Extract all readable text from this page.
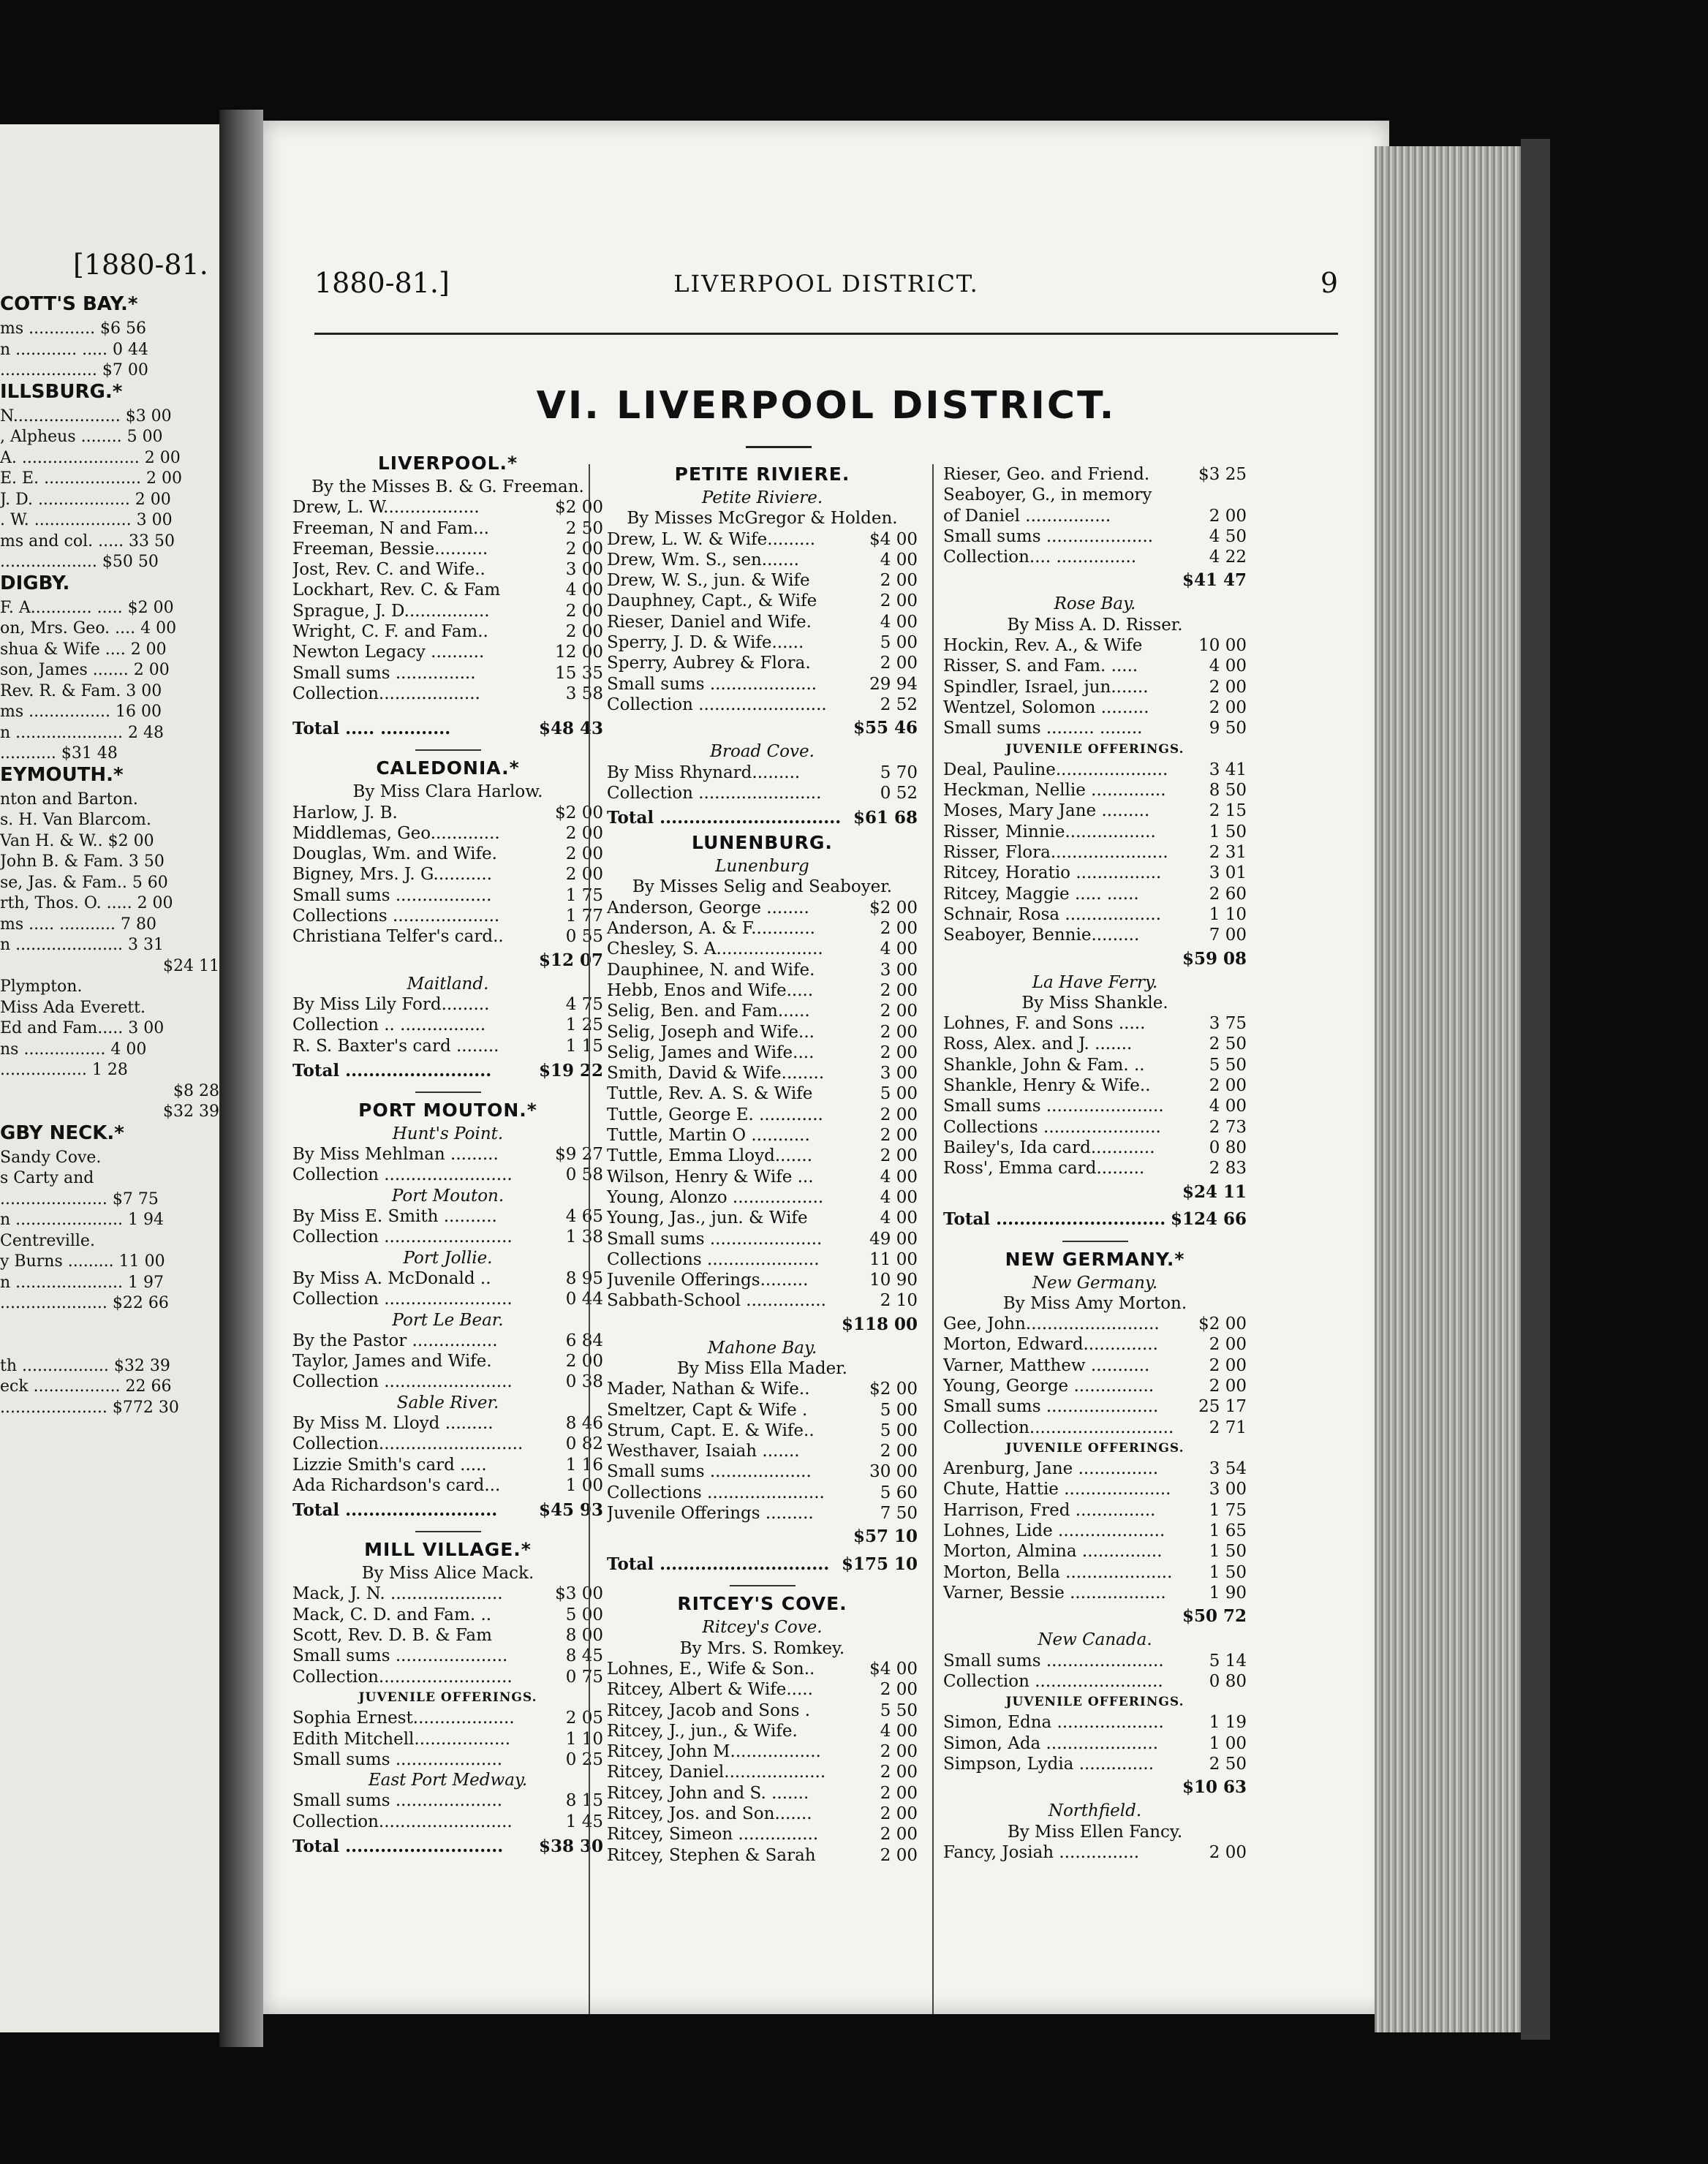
[1880-81.
COTT'S BAY.*
ms ............. $6 56
n ............ ..... 0 44
................... $7 00
ILLSBURG.*
N..................... $3 00
, Alpheus ........ 5 00
A. ....................... 2 00
E. E. ................... 2 00
J. D. .................. 2 00
. W. ................... 3 00
ms and col. ..... 33 50
................... $50 50
DIGBY.
F. A............ ..... $2 00
on, Mrs. Geo. .... 4 00
shua & Wife .... 2 00
son, James ....... 2 00
Rev. R. & Fam. 3 00
ms ................ 16 00
n ..................... 2 48
........... $31 48
EYMOUTH.*
nton and Barton.
s. H. Van Blarcom.
Van H. & W.. $2 00
John B. & Fam. 3 50
se, Jas. & Fam.. 5 60
rth, Thos. O. ..... 2 00
ms ..... ........... 7 80
n ..................... 3 31
$24 11
Plympton.
Miss Ada Everett.
Ed and Fam..... 3 00
ns ................ 4 00
................. 1 28
$8 28
$32 39
GBY NECK.*
Sandy Cove.
s Carty and
..................... $7 75
n ..................... 1 94
Centreville.
y Burns ......... 11 00
n ..................... 1 97
..................... $22 66
th ................. $32 39
eck ................. 22 66
..................... $772 30
1880-81.]	LIVERPOOL DISTRICT.	9
VI. LIVERPOOL DISTRICT.
LIVERPOOL.*
By the Misses B. & G. Freeman.
Drew, L. W..................	$2 00
Freeman, N and Fam...	2 50
Freeman, Bessie..........	2 00
Jost, Rev. C. and Wife..	3 00
Lockhart, Rev. C. & Fam	4 00
Sprague, J. D................	2 00
Wright, C. F. and Fam..	2 00
Newton Legacy ..........	12 00
Small sums ...............	15 35
Collection...................	3 58
Total ..... ............	$48 43
CALEDONIA.*
By Miss Clara Harlow.
Harlow, J. B.	$2 00
Middlemas, Geo.............	2 00
Douglas, Wm. and Wife.	2 00
Bigney, Mrs. J. G...........	2 00
Small sums ..................	1 75
Collections ....................	1 77
Christiana Telfer's card..	0 55
$12 07
Maitland.
By Miss Lily Ford.........	4 75
Collection .. ................	1 25
R. S. Baxter's card ........	1 15
Total .........................	$19 22
PORT MOUTON.*
Hunt's Point.
By Miss Mehlman .........	$9 27
Collection ........................	0 58
Port Mouton.
By Miss E. Smith ..........	4 65
Collection ........................	1 38
Port Jollie.
By Miss A. McDonald ..	8 95
Collection ........................	0 44
Port Le Bear.
By the Pastor ................	6 84
Taylor, James and Wife.	2 00
Collection ........................	0 38
Sable River.
By Miss M. Lloyd .........	8 46
Collection...........................	0 82
Lizzie Smith's card .....	1 16
Ada Richardson's card...	1 00
Total ..........................	$45 93
MILL VILLAGE.*
By Miss Alice Mack.
Mack, J. N. .....................	$3 00
Mack, C. D. and Fam. ..	5 00
Scott, Rev. D. B. & Fam	8 00
Small sums .....................	8 45
Collection.........................	0 75
JUVENILE OFFERINGS.
Sophia Ernest...................	2 05
Edith Mitchell..................	1 10
Small sums ....................	0 25
East Port Medway.
Small sums ....................	8 15
Collection.........................	1 45
Total ...........................	$38 30
PETITE RIVIERE.
Petite Riviere.
By Misses McGregor & Holden.
Drew, L. W. & Wife.........	$4 00
Drew, Wm. S., sen.......	4 00
Drew, W. S., jun. & Wife	2 00
Dauphney, Capt., & Wife	2 00
Rieser, Daniel and Wife.	4 00
Sperry, J. D. & Wife......	5 00
Sperry, Aubrey & Flora.	2 00
Small sums ....................	29 94
Collection ........................	2 52
$55 46
Broad Cove.
By Miss Rhynard.........	5 70
Collection .......................	0 52
Total ............................... $61 68
LUNENBURG.
Lunenburg
By Misses Selig and Seaboyer.
Anderson, George ........	$2 00
Anderson, A. & F............	2 00
Chesley, S. A....................	4 00
Dauphinee, N. and Wife.	3 00
Hebb, Enos and Wife.....	2 00
Selig, Ben. and Fam......	2 00
Selig, Joseph and Wife...	2 00
Selig, James and Wife....	2 00
Smith, David & Wife........	3 00
Tuttle, Rev. A. S. & Wife	5 00
Tuttle, George E. ............	2 00
Tuttle, Martin O ...........	2 00
Tuttle, Emma Lloyd.......	2 00
Wilson, Henry & Wife ...	4 00
Young, Alonzo .................	4 00
Young, Jas., jun. & Wife	4 00
Small sums .....................	49 00
Collections .....................	11 00
Juvenile Offerings.........	10 90
Sabbath-School ...............	2 10
$118 00
Mahone Bay.
By Miss Ella Mader.
Mader, Nathan & Wife..	$2 00
Smeltzer, Capt & Wife .	5 00
Strum, Capt. E. & Wife..	5 00
Westhaver, Isaiah .......	2 00
Small sums ...................	30 00
Collections ......................	5 60
Juvenile Offerings .........	7 50
$57 10
Total ............................. $175 10
RITCEY'S COVE.
Ritcey's Cove.
By Mrs. S. Romkey.
Lohnes, E., Wife & Son..	$4 00
Ritcey, Albert & Wife.....	2 00
Ritcey, Jacob and Sons .	5 50
Ritcey, J., jun., & Wife.	4 00
Ritcey, John M.................	2 00
Ritcey, Daniel...................	2 00
Ritcey, John and S. .......	2 00
Ritcey, Jos. and Son.......	2 00
Ritcey, Simeon ...............	2 00
Ritcey, Stephen & Sarah	2 00
Rieser, Geo. and Friend.	$3 25
Seaboyer, G., in memory
of Daniel ................	2 00
Small sums ....................	4 50
Collection.... ...............	4 22
$41 47
Rose Bay.
By Miss A. D. Risser.
Hockin, Rev. A., & Wife	10 00
Risser, S. and Fam. .....	4 00
Spindler, Israel, jun.......	2 00
Wentzel, Solomon .........	2 00
Small sums ......... ........	9 50
JUVENILE OFFERINGS.
Deal, Pauline.....................	3 41
Heckman, Nellie ..............	8 50
Moses, Mary Jane .........	2 15
Risser, Minnie.................	1 50
Risser, Flora......................	2 31
Ritcey, Horatio ................	3 01
Ritcey, Maggie ..... ......	2 60
Schnair, Rosa ..................	1 10
Seaboyer, Bennie.........	7 00
$59 08
La Have Ferry.
By Miss Shankle.
Lohnes, F. and Sons .....	3 75
Ross, Alex. and J. .......	2 50
Shankle, John & Fam. ..	5 50
Shankle, Henry & Wife..	2 00
Small sums ......................	4 00
Collections ......................	2 73
Bailey's, Ida card............	0 80
Ross', Emma card.........	2 83
$24 11
Total ............................. $124 66
NEW GERMANY.*
New Germany.
By Miss Amy Morton.
Gee, John.........................	$2 00
Morton, Edward..............	2 00
Varner, Matthew ...........	2 00
Young, George ...............	2 00
Small sums .....................	25 17
Collection...........................	2 71
JUVENILE OFFERINGS.
Arenburg, Jane ...............	3 54
Chute, Hattie ....................	3 00
Harrison, Fred ...............	1 75
Lohnes, Lide ....................	1 65
Morton, Almina ...............	1 50
Morton, Bella ....................	1 50
Varner, Bessie ..................	1 90
$50 72
New Canada.
Small sums ......................	5 14
Collection ........................	0 80
JUVENILE OFFERINGS.
Simon, Edna ....................	1 19
Simon, Ada .....................	1 00
Simpson, Lydia ..............	2 50
$10 63
Northfield.
By Miss Ellen Fancy.
Fancy, Josiah ...............	2 00
